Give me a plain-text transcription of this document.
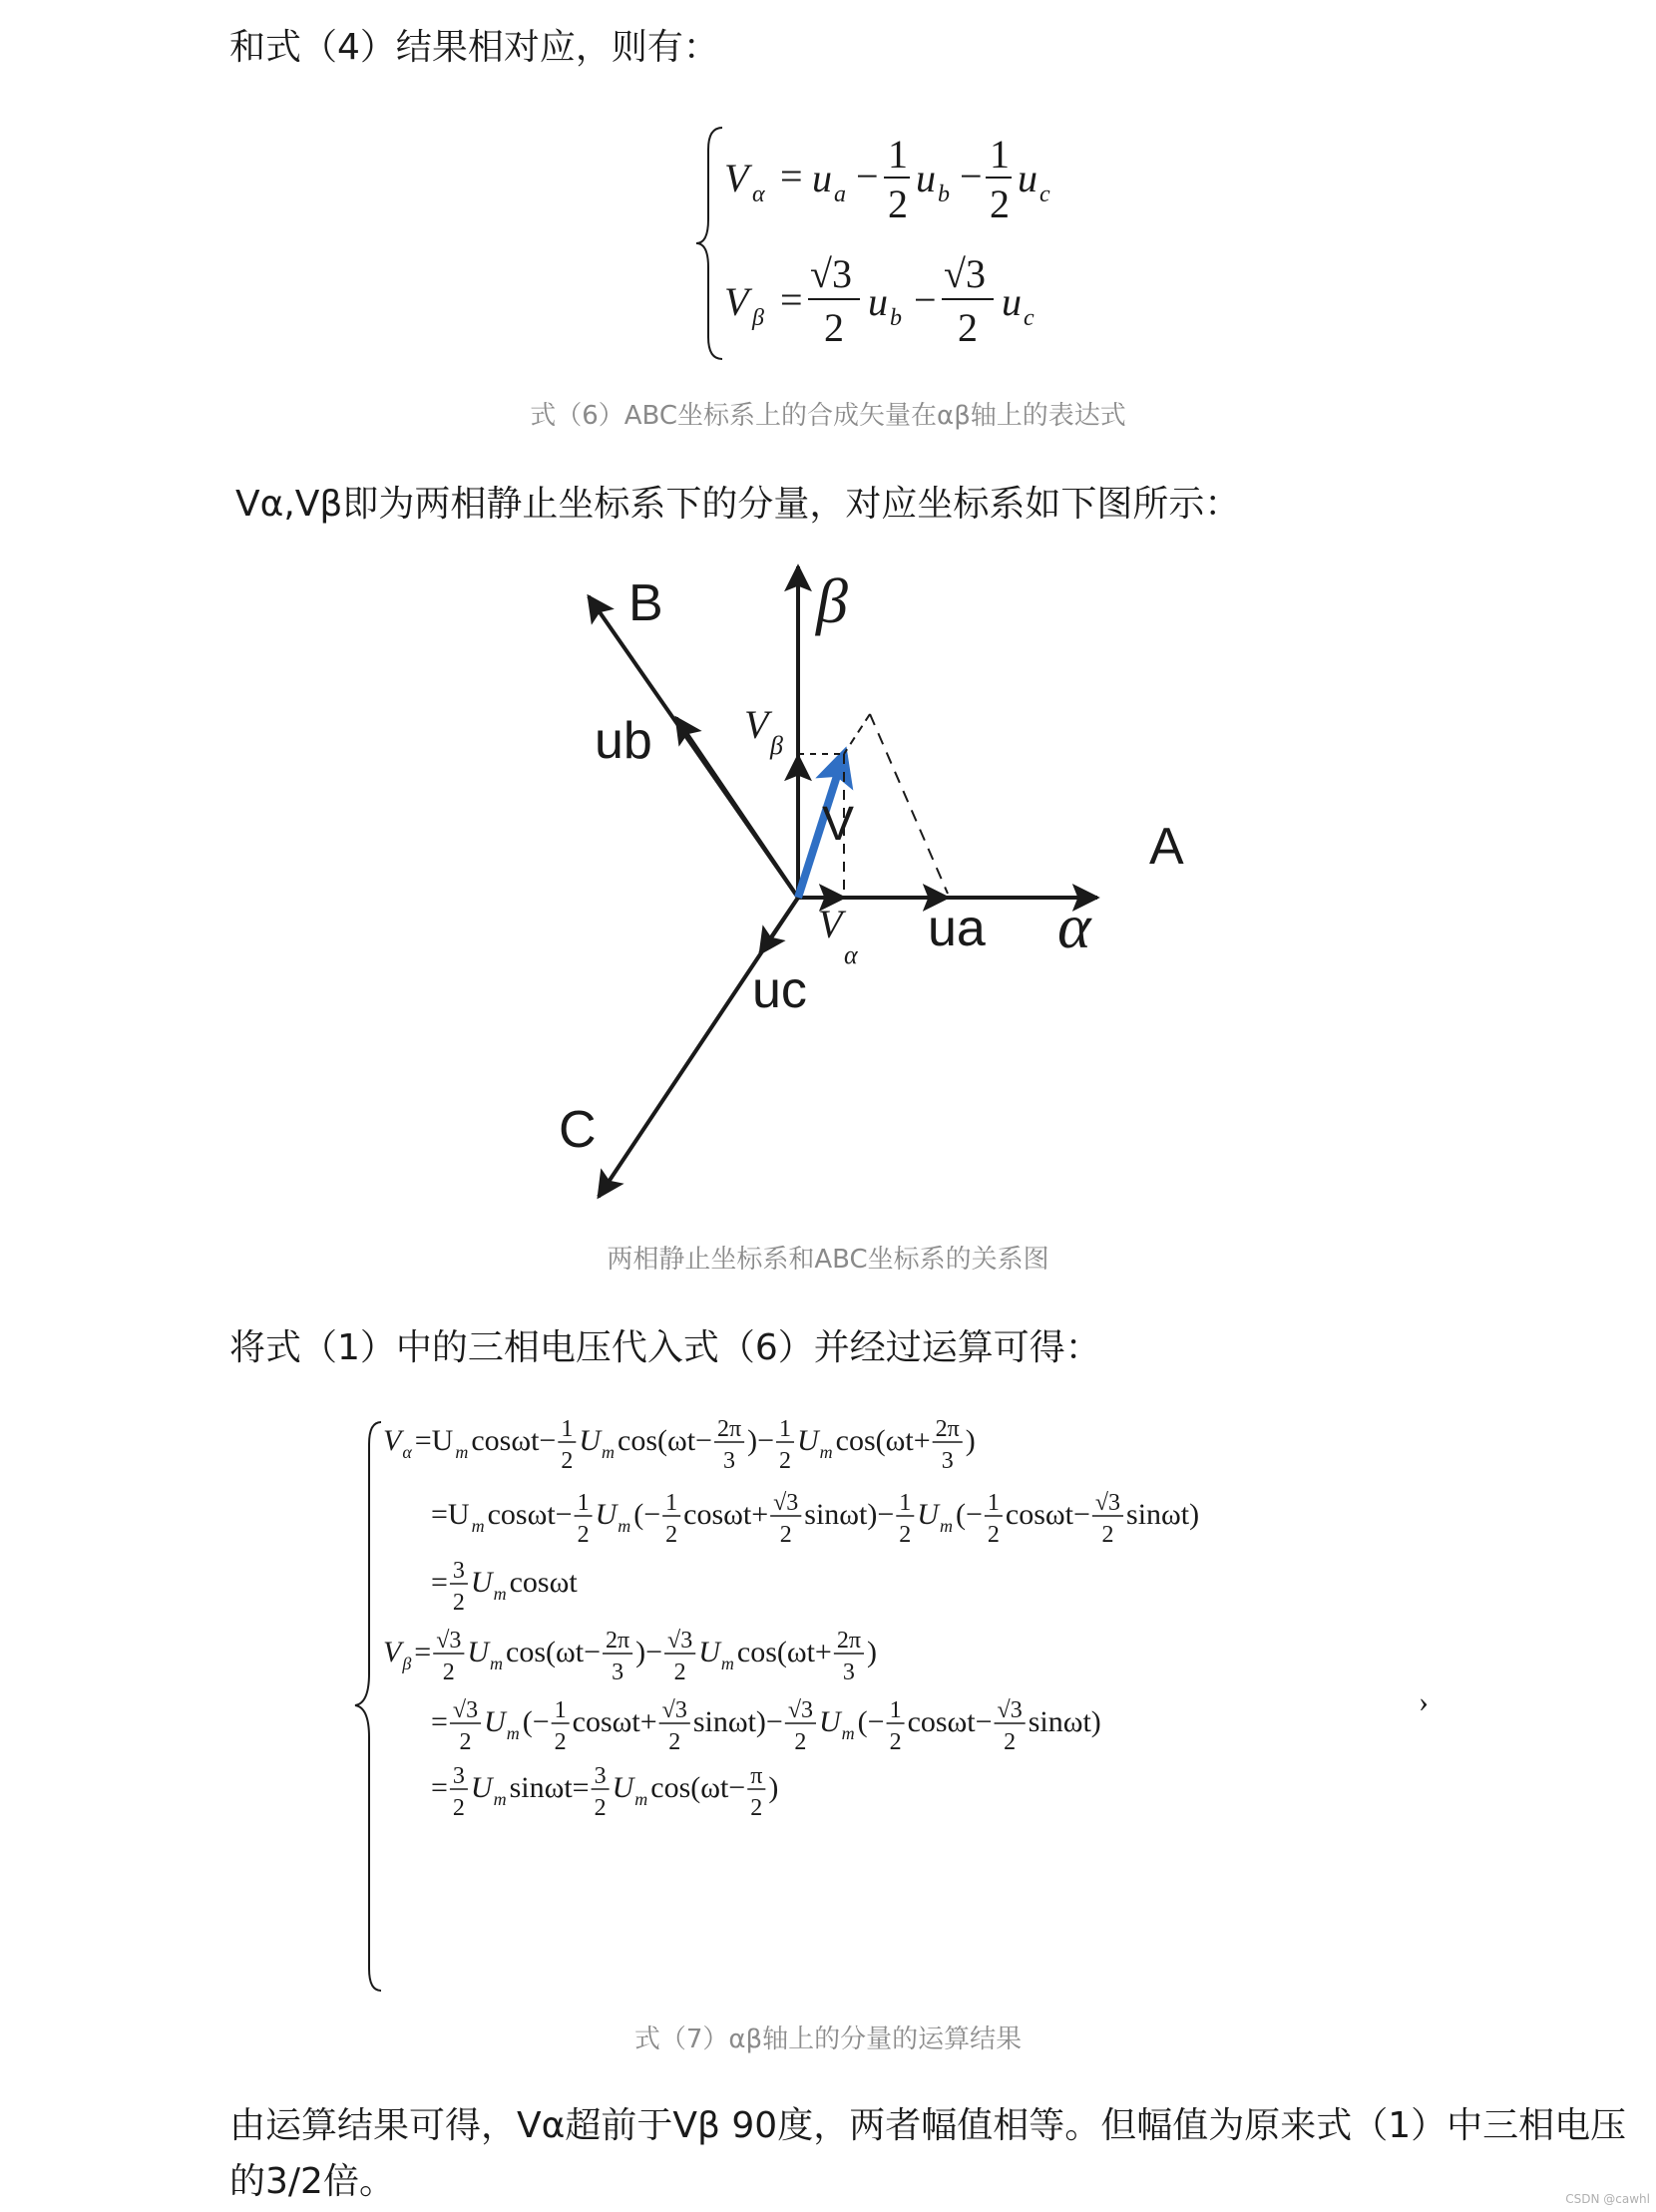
和式（4）结果相对应，则有：

V α = u a − 1
2
u b − 1
2
u c
V β =
√3
2
u b −
√3
2
u c
式（6）ABC坐标系上的合成矢量在αβ轴上的表达式

Vα,Vβ即为两相静止坐标系下的分量，对应坐标系如下图所示：

B β
ub V β
V	A
ua α
V
α
uc
C
两相静止坐标系和ABC坐标系的关系图

将式（1）中的三相电压代入式（6）并经过运算可得：

V α =U m cosωt− 1
2
U m cos(ωt− 2π
3
)− 1
2
U m cos(ωt+ 2π
3
)
=U m cosωt− 1
2
U m (− 1
2
cosωt+ √3
2
sinωt)− 1
2
U m (− 1
2
cosωt− √3
2
sinωt)
= 3
2
U m cosωt
V β = √3
2
U m cos(ωt− 2π
3
)− √3
2
U m cos(ωt+ 2π
3
)
= √3
2
U m (− 1
2
cosωt+ √3
2
sinωt)− √3
2
U m (− 1
2
cosωt− √3
2
sinωt)
= 3
2
U m sinωt= 3
2
U m cos(ωt− π
2
)
›
式（7）αβ轴上的分量的运算结果

由运算结果可得，Vα超前于Vβ 90度，两者幅值相等。但幅值为原来式（1）中三相电压

的3/2倍。	CSDN @cawhl
